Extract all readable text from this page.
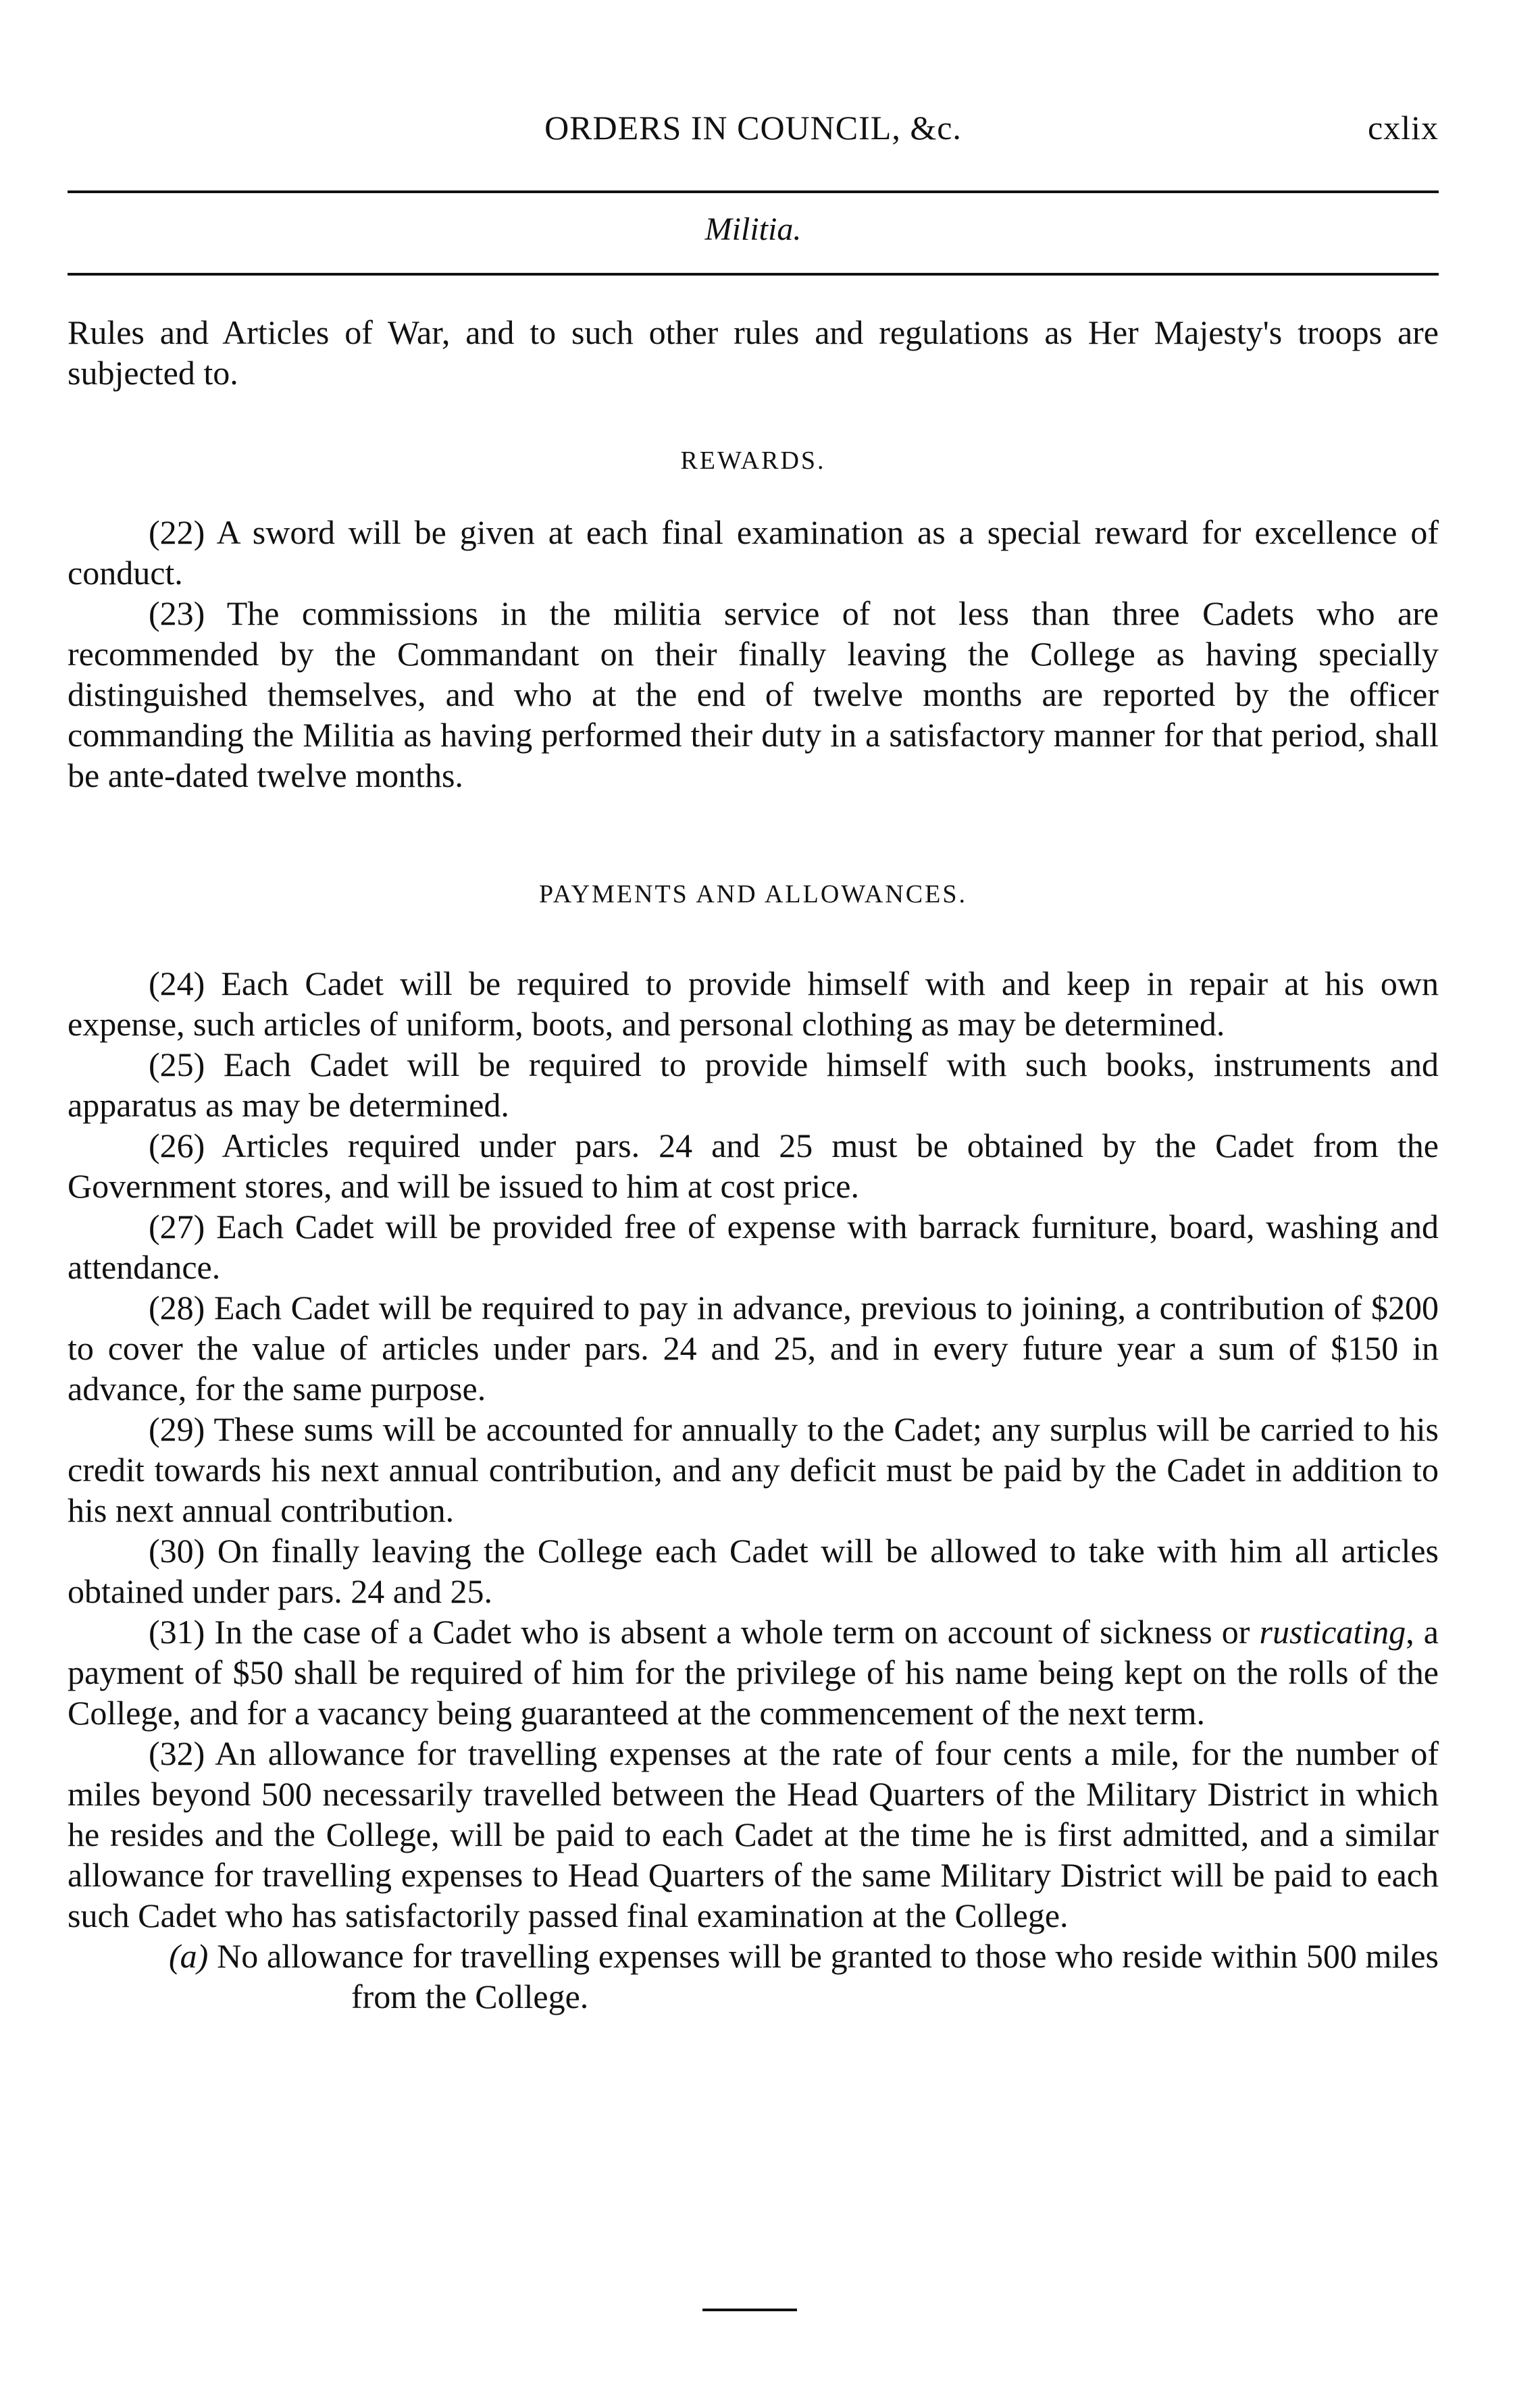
ORDERS IN COUNCIL, &c.	cxlix
Militia.

Rules and Articles of War, and to such other rules and regulations as Her Majesty's troops are subjected to.

REWARDS.

(22) A sword will be given at each final examination as a special reward for excellence of conduct.

(23) The commissions in the militia service of not less than three Cadets who are recommended by the Commandant on their finally leaving the College as having specially distinguished themselves, and who at the end of twelve months are reported by the officer commanding the Militia as having performed their duty in a satisfactory manner for that period, shall be ante-dated twelve months.

PAYMENTS AND ALLOWANCES.

(24) Each Cadet will be required to provide himself with and keep in repair at his own expense, such articles of uniform, boots, and personal clothing as may be determined.

(25) Each Cadet will be required to provide himself with such books, instruments and apparatus as may be determined.

(26) Articles required under pars. 24 and 25 must be obtained by the Cadet from the Government stores, and will be issued to him at cost price.

(27) Each Cadet will be provided free of expense with barrack furniture, board, washing and attendance.

(28) Each Cadet will be required to pay in advance, previous to joining, a contribution of $200 to cover the value of articles under pars. 24 and 25, and in every future year a sum of $150 in advance, for the same purpose.

(29) These sums will be accounted for annually to the Cadet; any surplus will be carried to his credit towards his next annual contribution, and any deficit must be paid by the Cadet in addition to his next annual contribution.

(30) On finally leaving the College each Cadet will be allowed to take with him all articles obtained under pars. 24 and 25.

(31) In the case of a Cadet who is absent a whole term on account of sickness or rusticating, a payment of $50 shall be required of him for the privilege of his name being kept on the rolls of the College, and for a vacancy being guaranteed at the commencement of the next term.

(32) An allowance for travelling expenses at the rate of four cents a mile, for the number of miles beyond 500 necessarily travelled between the Head Quarters of the Military District in which he resides and the College, will be paid to each Cadet at the time he is first admitted, and a similar allowance for travelling expenses to Head Quarters of the same Military District will be paid to each such Cadet who has satisfactorily passed final examination at the College.

(a) No allowance for travelling expenses will be granted to those who reside within 500 miles from the College.
